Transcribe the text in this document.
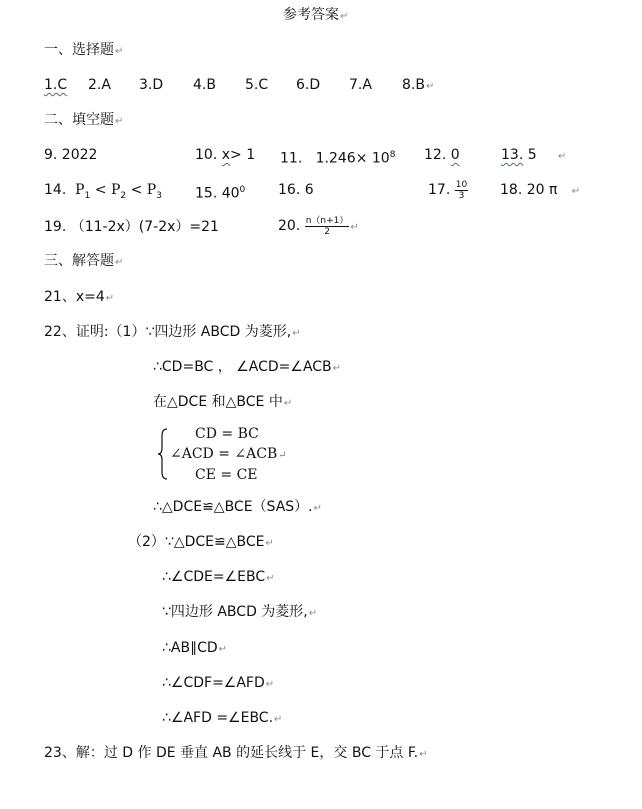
参考答案↵
一、选择题↵
1.C 2.A 3.D 4.B 5.C 6.D 7.A 8.B↵
二、填空题↵
9. 2022	10. x> 1 11. $1.246\times 10^8$ 12. 0	13. 5 ↵
14. $P_1 < P_2 < P_3$ 15. $40^0$ 16. 6	17. $\frac{10}{3} 18$. 20 π ↵
19. （11-2x）(7-2x）=21	20. $\frac{n(n+1)}{2}$ ↵
三、解答题↵
21、x=4↵
22、证明:（1）∵四边形 ABCD 为菱形,↵
∴CD=BC ， ∠ACD=∠ACB↵
在△DCE 和△BCE 中↵
CD = BC
∠ACD = ∠ACB↵
CE = CE
∴△DCE≌△BCE（SAS）.↵
（2）∵△DCE≌△BCE↵
∴∠CDE=∠EBC↵
∵四边形 ABCD 为菱形,↵
∴AB∥CD↵
∴∠CDF=∠AFD↵
∴∠AFD =∠EBC.↵
23、解：过 D 作 DE 垂直 AB 的延长线于 E，交 BC 于点 F.↵
